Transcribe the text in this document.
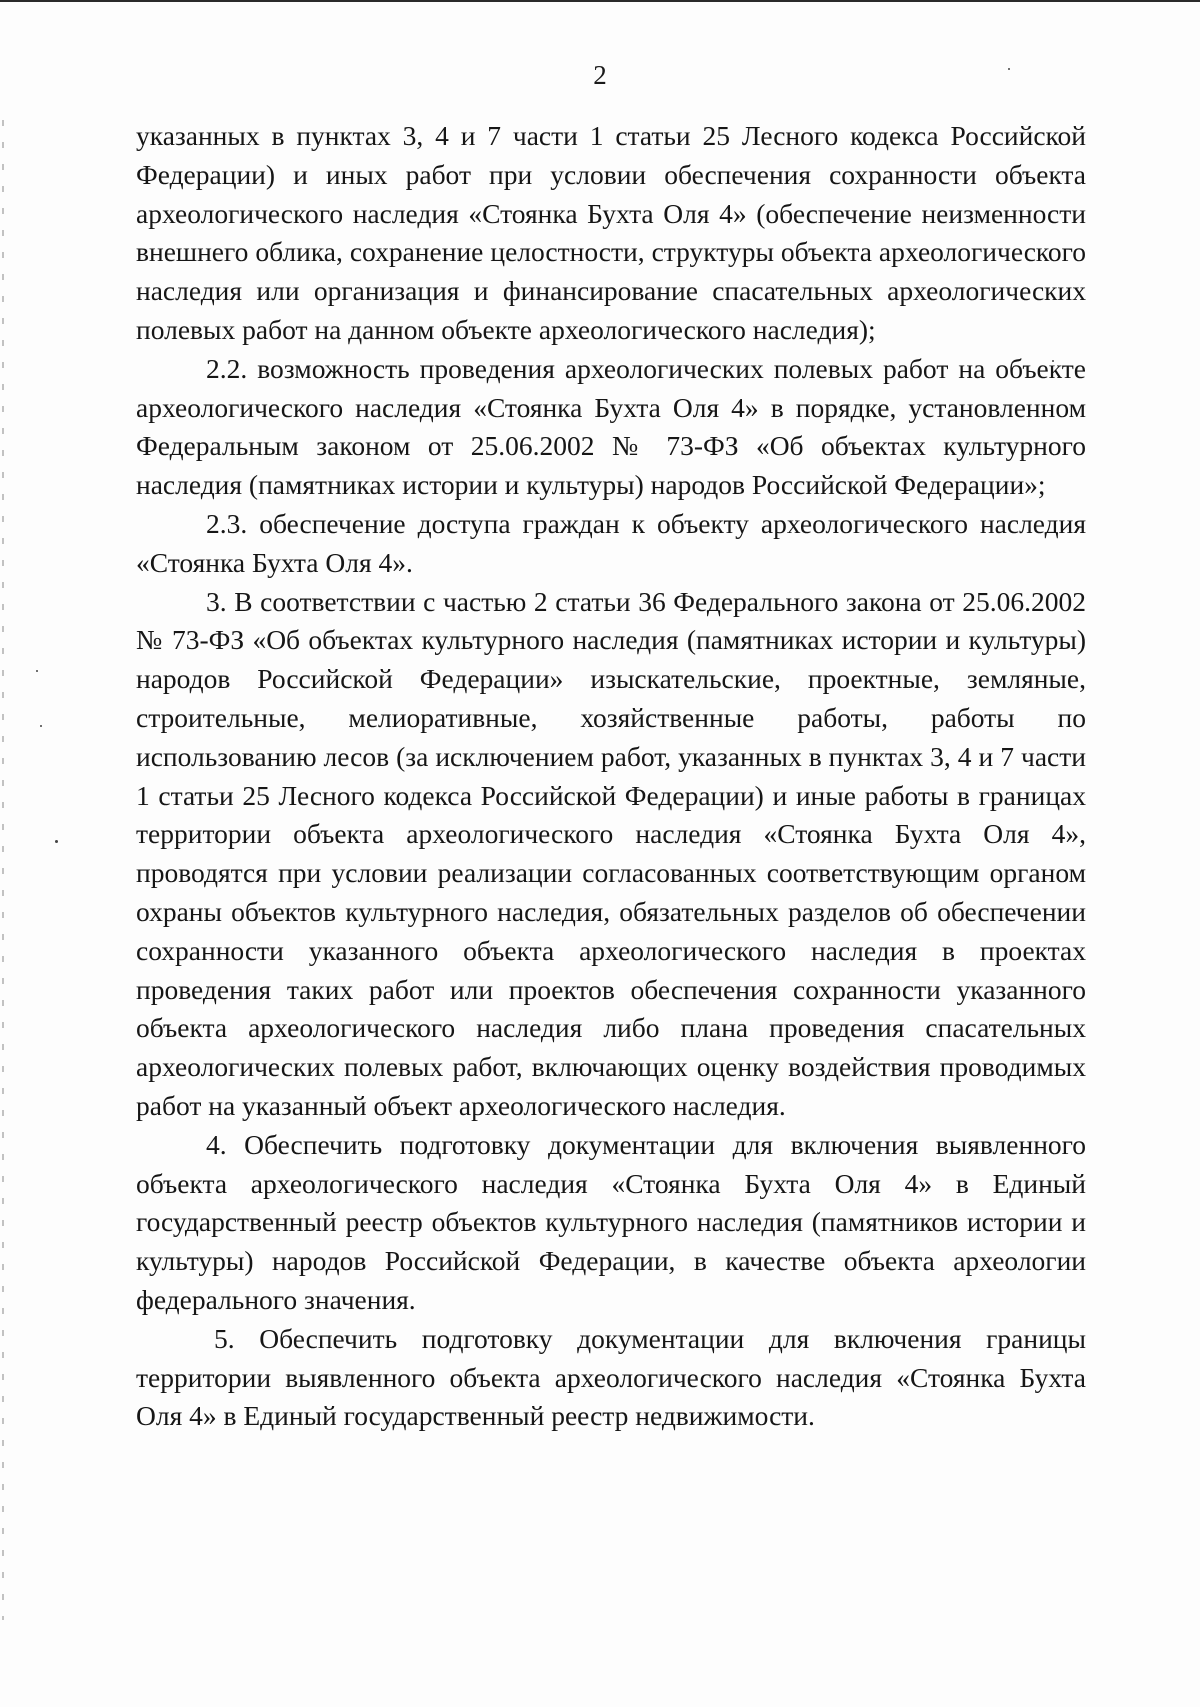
2

указанных в пунктах 3, 4 и 7 части 1 статьи 25 Лесного кодекса Российской Федерации) и иных работ при условии обеспечения сохранности объекта археологического наследия «Стоянка Бухта Оля 4» (обеспечение неизменности внешнего облика, сохранение целостности, структуры объекта археологического наследия или организация и финансирование спасательных археологических полевых работ на данном объекте археологического наследия);

2.2. возможность проведения археологических полевых работ на объекте археологического наследия «Стоянка Бухта Оля 4» в порядке, установленном Федеральным законом от 25.06.2002 № 73-ФЗ «Об объектах культурного наследия (памятниках истории и культуры) народов Российской Федерации»;

2.3. обеспечение доступа граждан к объекту археологического наследия «Стоянка Бухта Оля 4».

3. В соответствии с частью 2 статьи 36 Федерального закона от 25.06.2002 № 73-ФЗ «Об объектах культурного наследия (памятниках истории и культуры) народов Российской Федерации» изыскательские, проектные, земляные, строительные, мелиоративные, хозяйственные работы, работы по использованию лесов (за исключением работ, указанных в пунктах 3, 4 и 7 части 1 статьи 25 Лесного кодекса Российской Федерации) и иные работы в границах территории объекта археологического наследия «Стоянка Бухта Оля 4», проводятся при условии реализации согласованных соответствующим органом охраны объектов культурного наследия, обязательных разделов об обеспечении сохранности указанного объекта археологического наследия в проектах проведения таких работ или проектов обеспечения сохранности указанного объекта археологического наследия либо плана проведения спасательных археологических полевых работ, включающих оценку воздействия проводимых работ на указанный объект археологического наследия.

4. Обеспечить подготовку документации для включения выявленного объекта археологического наследия «Стоянка Бухта Оля 4» в Единый государственный реестр объектов культурного наследия (памятников истории и культуры) народов Российской Федерации, в качестве объекта археологии федерального значения.

5. Обеспечить подготовку документации для включения границы территории выявленного объекта археологического наследия «Стоянка Бухта Оля 4» в Единый государственный реестр недвижимости.
